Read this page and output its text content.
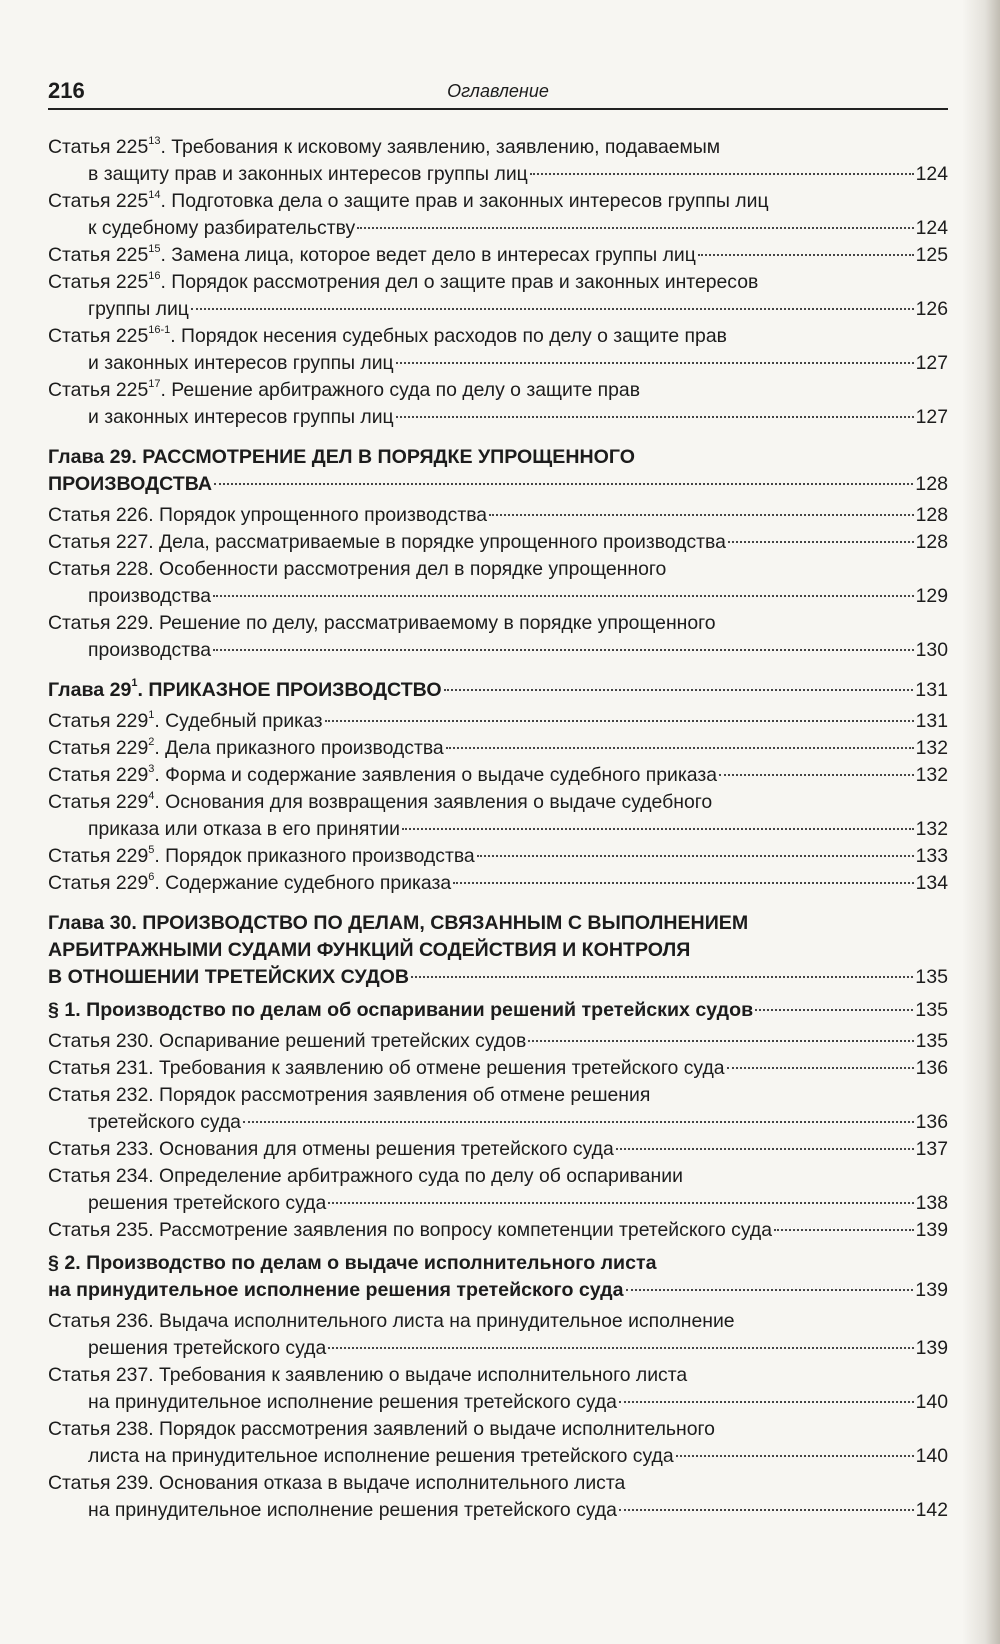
216	Оглавление
Статья $225^{13}$. Требования к исковому заявлению, заявлению, подаваемым
в защиту прав и законных интересов группы лиц	124
Статья $225^{14}$. Подготовка дела о защите прав и законных интересов группы лиц
к судебному разбирательству	124
Статья $225^{15}$. Замена лица, которое ведет дело в интересах группы лиц	125
Статья $225^{16}$. Порядок рассмотрения дел о защите прав и законных интересов
группы лиц	126
Статья 225$^{16-1}$. Порядок несения судебных расходов по делу о защите прав
и законных интересов группы лиц	127
Статья $225^{17}$. Решение арбитражного суда по делу о защите прав
и законных интересов группы лиц	127
Глава 29. РАССМОТРЕНИЕ ДЕЛ В ПОРЯДКЕ УПРОЩЕННОГО
ПРОИЗВОДСТВА	128
Статья 226. Порядок упрощенного производства	128
Статья 227. Дела, рассматриваемые в порядке упрощенного производства	128
Статья 228. Особенности рассмотрения дел в порядке упрощенного
производства	129
Статья 229. Решение по делу, рассматриваемому в порядке упрощенного
производства	130
Глава $29^1$. ПРИКАЗНОЕ ПРОИЗВОДСТВО	131
Статья $229^1$. Судебный приказ	131
Статья $229^2$. Дела приказного производства	132
Статья $229^3$. Форма и содержание заявления о выдаче судебного приказа	132
Статья $229^4$. Основания для возвращения заявления о выдаче судебного
приказа или отказа в его принятии	132
Статья $229^5$. Порядок приказного производства	133
Статья $229^6$. Содержание судебного приказа	134
Глава 30. ПРОИЗВОДСТВО ПО ДЕЛАМ, СВЯЗАННЫМ С ВЫПОЛНЕНИЕМ
АРБИТРАЖНЫМИ СУДАМИ ФУНКЦИЙ СОДЕЙСТВИЯ И КОНТРОЛЯ
В ОТНОШЕНИИ ТРЕТЕЙСКИХ СУДОВ	135
§ 1. Производство по делам об оспаривании решений третейских судов	135
Статья 230. Оспаривание решений третейских судов	135
Статья 231. Требования к заявлению об отмене решения третейского суда	136
Статья 232. Порядок рассмотрения заявления об отмене решения
третейского суда	136
Статья 233. Основания для отмены решения третейского суда	137
Статья 234. Определение арбитражного суда по делу об оспаривании
решения третейского суда	138
Статья 235. Рассмотрение заявления по вопросу компетенции третейского суда	139
§ 2. Производство по делам о выдаче исполнительного листа
на принудительное исполнение решения третейского суда	139
Статья 236. Выдача исполнительного листа на принудительное исполнение
решения третейского суда	139
Статья 237. Требования к заявлению о выдаче исполнительного листа
на принудительное исполнение решения третейского суда	140
Статья 238. Порядок рассмотрения заявлений о выдаче исполнительного
листа на принудительное исполнение решения третейского суда	140
Статья 239. Основания отказа в выдаче исполнительного листа
на принудительное исполнение решения третейского суда	142
